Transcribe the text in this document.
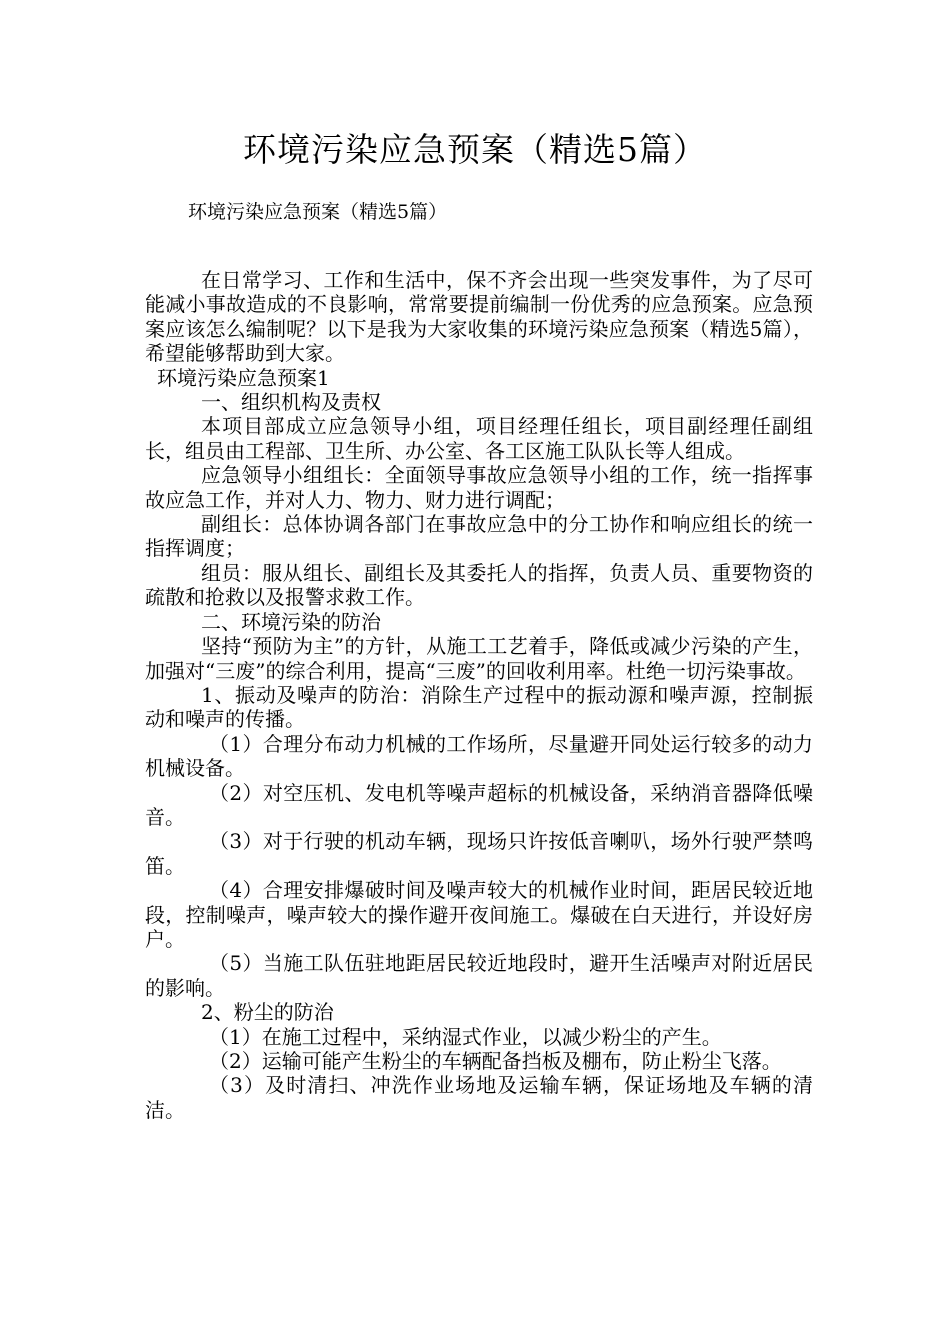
环境污染应急预案（精选5篇）

环境污染应急预案（精选5篇）

在日常学习、工作和生活中，保不齐会出现一些突发事件，为了尽可能减小事故造成的不良影响，常常要提前编制一份优秀的应急预案。应急预案应该怎么编制呢？以下是我为大家收集的环境污染应急预案（精选5篇），希望能够帮助到大家。

环境污染应急预案1

一、组织机构及责权

本项目部成立应急领导小组，项目经理任组长，项目副经理任副组长，组员由工程部、卫生所、办公室、各工区施工队队长等人组成。

应急领导小组组长：全面领导事故应急领导小组的工作，统一指挥事故应急工作，并对人力、物力、财力进行调配；

副组长：总体协调各部门在事故应急中的分工协作和响应组长的统一指挥调度；

组员：服从组长、副组长及其委托人的指挥，负责人员、重要物资的疏散和抢救以及报警求救工作。

二、环境污染的防治

坚持“预防为主”的方针，从施工工艺着手，降低或减少污染的产生，加强对“三废”的综合利用，提高“三废”的回收利用率。杜绝一切污染事故。

1、振动及噪声的防治：消除生产过程中的振动源和噪声源，控制振动和噪声的传播。

（1）合理分布动力机械的工作场所，尽量避开同处运行较多的动力机械设备。

（2）对空压机、发电机等噪声超标的机械设备，采纳消音器降低噪音。

（3）对于行驶的机动车辆，现场只许按低音喇叭，场外行驶严禁鸣笛。

（4）合理安排爆破时间及噪声较大的机械作业时间，距居民较近地段，控制噪声，噪声较大的操作避开夜间施工。爆破在白天进行，并设好房户。

（5）当施工队伍驻地距居民较近地段时，避开生活噪声对附近居民的影响。

2、粉尘的防治

（1）在施工过程中，采纳湿式作业，以减少粉尘的产生。

（2）运输可能产生粉尘的车辆配备挡板及棚布，防止粉尘飞落。

（3）及时清扫、冲洗作业场地及运输车辆，保证场地及车辆的清洁。
